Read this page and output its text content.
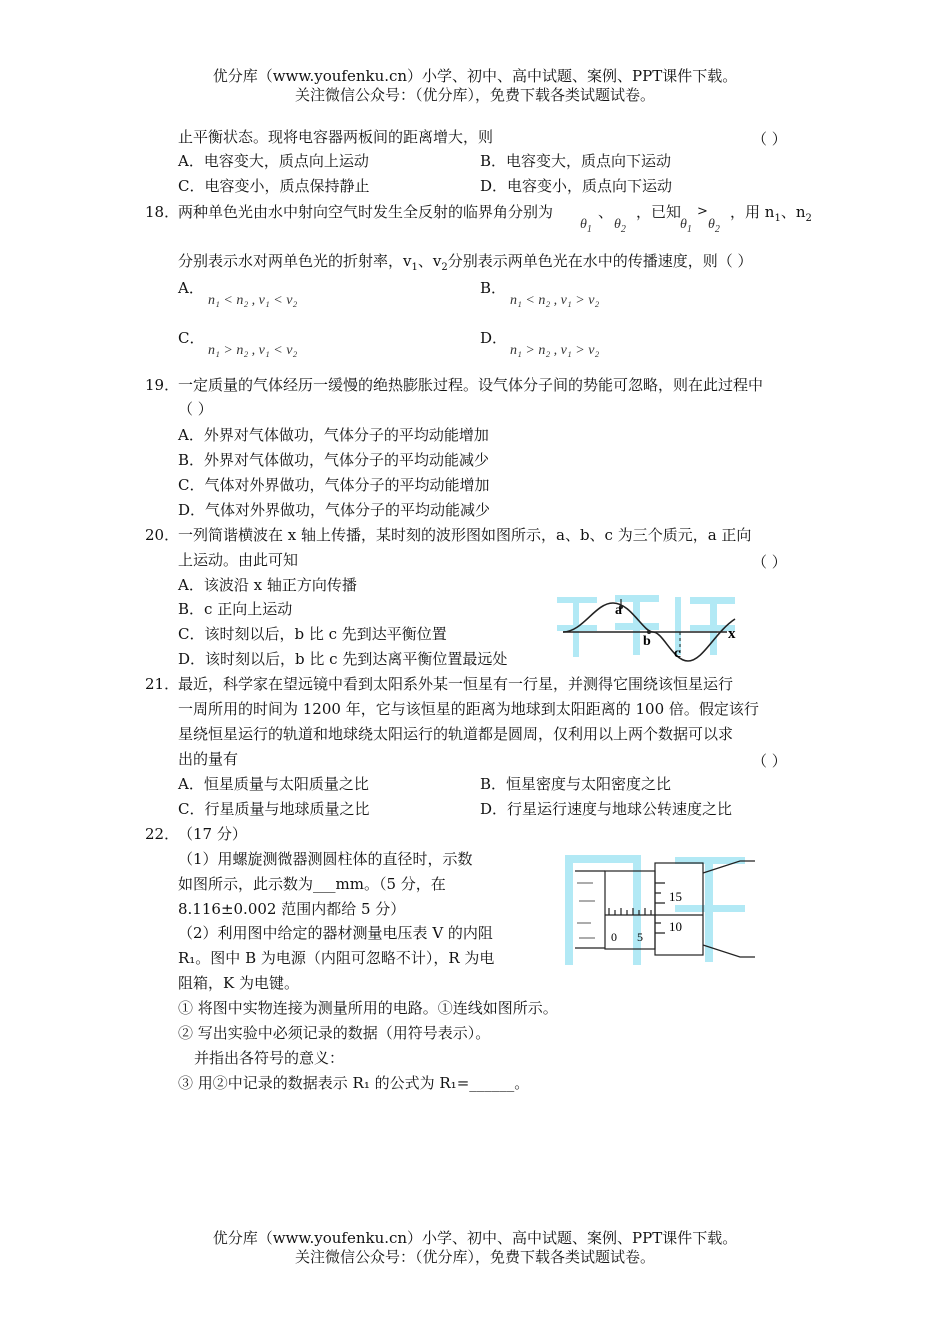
优分库（www.youfenku.cn）小学、初中、高中试题、案例、PPT课件下载。
关注微信公众号：（优分库），免费下载各类试题试卷。
止平衡状态。现将电容器两板间的距离增大，则	（ ）
A．电容变大，质点向上运动	B．电容变大，质点向下运动
C．电容变小，质点保持静止	D．电容变小，质点向下运动
18．
两种单色光由水中射向空气时发生全反射的临界角分别为
$\theta_1$
、
$\theta_2$
，已知
$\theta_1$
>
$\theta_2$
，用 $n_1$、$n_2$
分别表示水对两单色光的折射率，$v_1$、$v_2$分别表示两单色光在水中的传播速度，则（ ）
A．
n₁ < n₂ , v₁ < v₂
B．
n₁ < n₂ , v₁ > v₂
C．
n₁ > n₂ , v₁ < v₂
D．
n₁ > n₂ , v₁ > v₂
19．
一定质量的气体经历一缓慢的绝热膨胀过程。设气体分子间的势能可忽略，则在此过程中
（ ）
A．外界对气体做功，气体分子的平均动能增加
B．外界对气体做功，气体分子的平均动能减少
C．气体对外界做功，气体分子的平均动能增加
D．气体对外界做功，气体分子的平均动能减少
20．
一列简谐横波在 x 轴上传播，某时刻的波形图如图所示，a、b、c 为三个质元，a 正向
上运动。由此可知	（ ）
A．该波沿 x 轴正方向传播
B．c 正向上运动
C．该时刻以后，b 比 c 先到达平衡位置
D．该时刻以后，b 比 c 先到达离平衡位置最远处
a
b
c
x
21．
最近，科学家在望远镜中看到太阳系外某一恒星有一行星，并测得它围绕该恒星运行
一周所用的时间为 1200 年，它与该恒星的距离为地球到太阳距离的 100 倍。假定该行
星绕恒星运行的轨道和地球绕太阳运行的轨道都是圆周，仅利用以上两个数据可以求
出的量有	（ ）
A．恒星质量与太阳质量之比	B．恒星密度与太阳密度之比
C．行星质量与地球质量之比	D．行星运行速度与地球公转速度之比
22．
（17 分）
（1）用螺旋测微器测圆柱体的直径时，示数
如图所示，此示数为___mm。（5 分，在
8.116±0.002 范围内都给 5 分）
（2）利用图中给定的器材测量电压表 V 的内阻
R₁。图中 B 为电源（内阻可忽略不计），R 为电
阻箱，K 为电键。
① 将图中实物连接为测量所用的电路。①连线如图所示。
② 写出实验中必须记录的数据（用符号表示）。
并指出各符号的意义：
③ 用②中记录的数据表示 R₁ 的公式为 R₁=______。
15
10
0 5
优分库（www.youfenku.cn）小学、初中、高中试题、案例、PPT课件下载。
关注微信公众号：（优分库），免费下载各类试题试卷。
